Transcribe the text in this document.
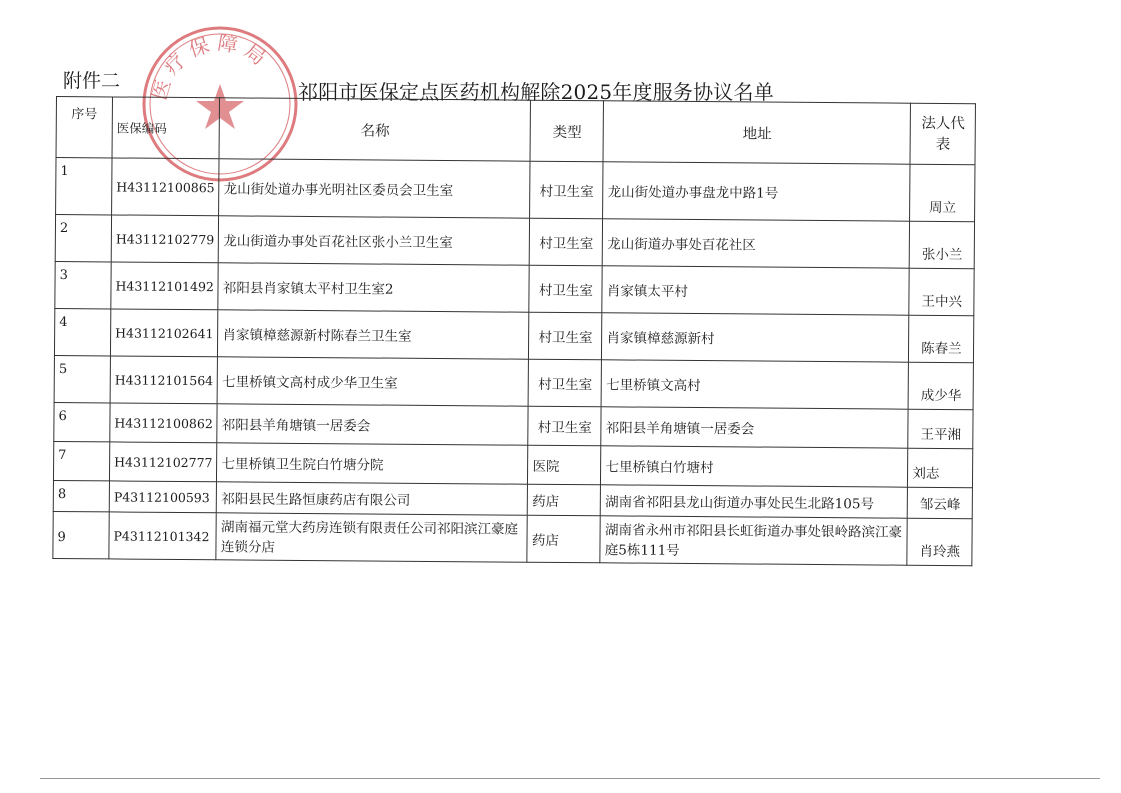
附件二	祁阳市医保定点医药机构解除2025年度服务协议名单
医疗保障局
序号	医保编码	名称	类型	地址	法人代表
1	H43112100865	龙山街处道办事光明社区委员会卫生室	村卫生室	龙山街处道办事盘龙中路1号	周立
2	H43112102779	龙山街道办事处百花社区张小兰卫生室	村卫生室	龙山街道办事处百花社区	张小兰
3	H43112101492	祁阳县肖家镇太平村卫生室2	村卫生室	肖家镇太平村	王中兴
4	H43112102641	肖家镇樟慈源新村陈春兰卫生室	村卫生室	肖家镇樟慈源新村	陈春兰
5	H43112101564	七里桥镇文高村成少华卫生室	村卫生室	七里桥镇文高村	成少华
6	H43112100862	祁阳县羊角塘镇一居委会	村卫生室	祁阳县羊角塘镇一居委会	王平湘
7	H43112102777	七里桥镇卫生院白竹塘分院	医院	七里桥镇白竹塘村	刘志
8	P43112100593	祁阳县民生路恒康药店有限公司	药店	湖南省祁阳县龙山街道办事处民生北路105号	邹云峰
9	P43112101342	湖南福元堂大药房连锁有限责任公司祁阳滨江豪庭连锁分店	药店	湖南省永州市祁阳县长虹街道办事处银岭路滨江豪庭5栋111号	肖玲燕
